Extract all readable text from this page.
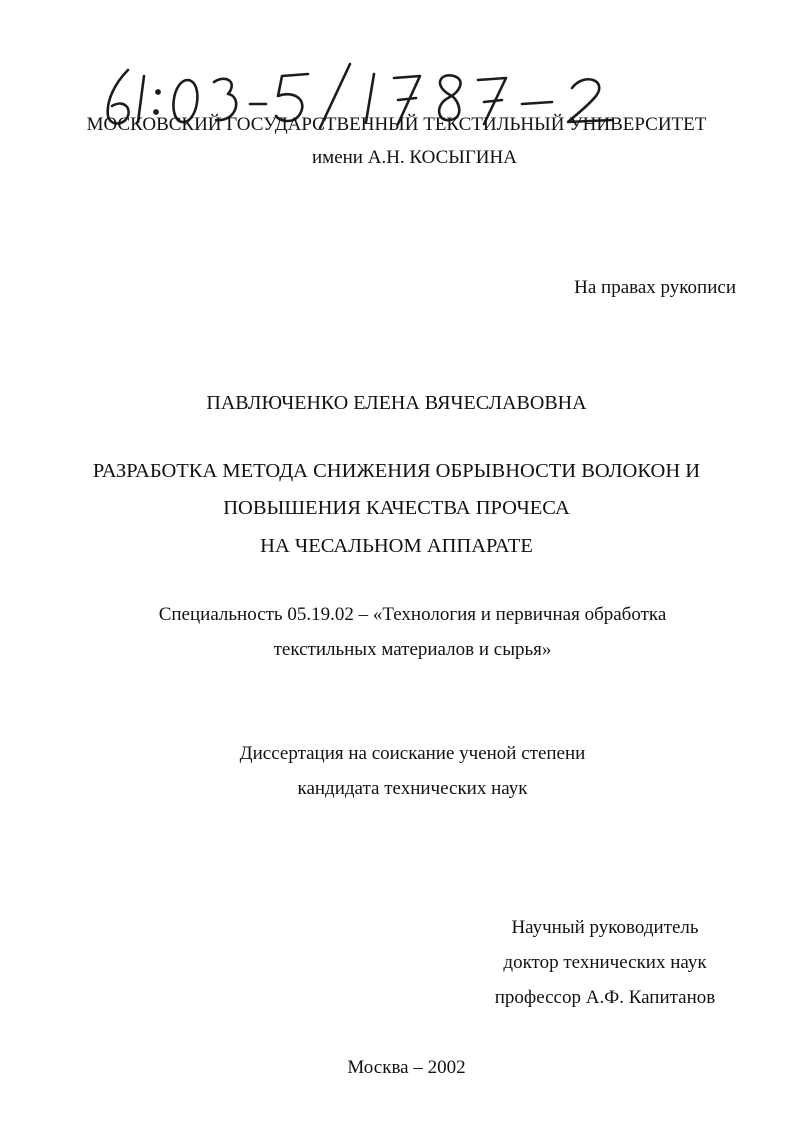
МОСКОВСКИЙ ГОСУДАРСТВЕННЫЙ ТЕКСТИЛЬНЫЙ УНИВЕРСИТЕТ
имени А.Н. КОСЫГИНА
На правах рукописи
ПАВЛЮЧЕНКО ЕЛЕНА ВЯЧЕСЛАВОВНА
РАЗРАБОТКА МЕТОДА СНИЖЕНИЯ ОБРЫВНОСТИ ВОЛОКОН И
ПОВЫШЕНИЯ КАЧЕСТВА ПРОЧЕСА
НА ЧЕСАЛЬНОМ АППАРАТЕ
Специальность 05.19.02 – «Технология и первичная обработка
текстильных материалов и сырья»
Диссертация на соискание ученой степени
кандидата технических наук
Научный руководитель
доктор технических наук
профессор А.Ф. Капитанов
Москва – 2002
